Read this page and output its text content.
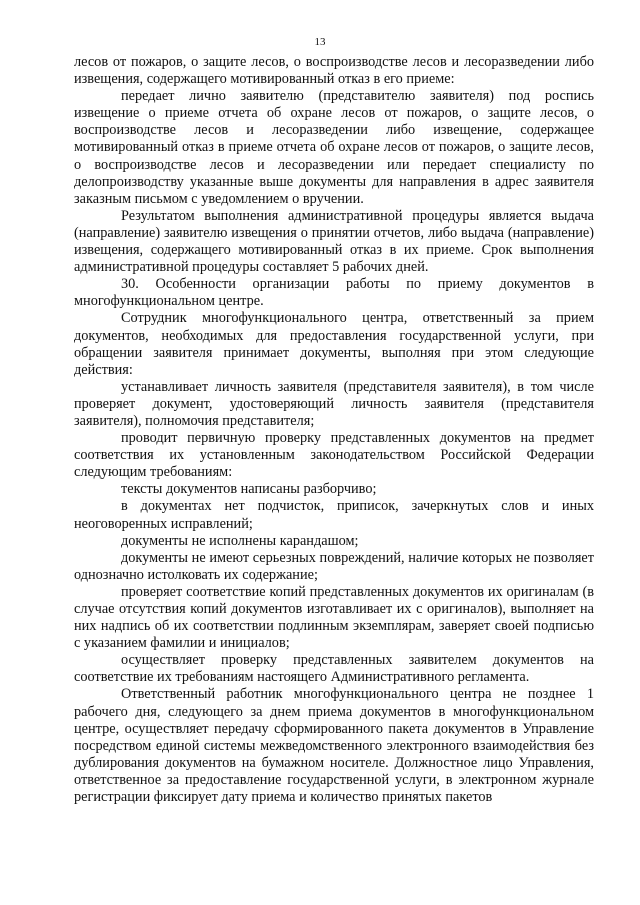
13

лесов от пожаров, о защите лесов, о воспроизводстве лесов и лесоразведении либо извещения, содержащего мотивированный отказ в его приеме:

передает лично заявителю (представителю заявителя) под роспись извещение о приеме отчета об охране лесов от пожаров, о защите лесов, о воспроизводстве лесов и лесоразведении либо извещение, содержащее мотивированный отказ в приеме отчета об охране лесов от пожаров, о защите лесов, о воспроизводстве лесов и лесоразведении или передает специалисту по делопроизводству указанные выше документы для направления в адрес заявителя заказным письмом с уведомлением о вручении.

Результатом выполнения административной процедуры является выдача (направление) заявителю извещения о принятии отчетов, либо выдача (направление) извещения, содержащего мотивированный отказ в их приеме. Срок выполнения административной процедуры составляет 5 рабочих дней.

30. Особенности организации работы по приему документов в многофункциональном центре.

Сотрудник многофункционального центра, ответственный за прием документов, необходимых для предоставления государственной услуги, при обращении заявителя принимает документы, выполняя при этом следующие действия:

устанавливает личность заявителя (представителя заявителя), в том числе проверяет документ, удостоверяющий личность заявителя (представителя заявителя), полномочия представителя;

проводит первичную проверку представленных документов на предмет соответствия их установленным законодательством Российской Федерации следующим требованиям:

тексты документов написаны разборчиво;

в документах нет подчисток, приписок, зачеркнутых слов и иных неоговоренных исправлений;

документы не исполнены карандашом;

документы не имеют серьезных повреждений, наличие которых не позволяет однозначно истолковать их содержание;

проверяет соответствие копий представленных документов их оригиналам (в случае отсутствия копий документов изготавливает их с оригиналов), выполняет на них надпись об их соответствии подлинным экземплярам, заверяет своей подписью с указанием фамилии и инициалов;

осуществляет проверку представленных заявителем документов на соответствие их требованиям настоящего Административного регламента.

Ответственный работник многофункционального центра не позднее 1 рабочего дня, следующего за днем приема документов в многофункциональном центре, осуществляет передачу сформированного пакета документов в Управление посредством единой системы межведомственного электронного взаимодействия без дублирования документов на бумажном носителе. Должностное лицо Управления, ответственное за предоставление государственной услуги, в электронном журнале регистрации фиксирует дату приема и количество принятых пакетов
